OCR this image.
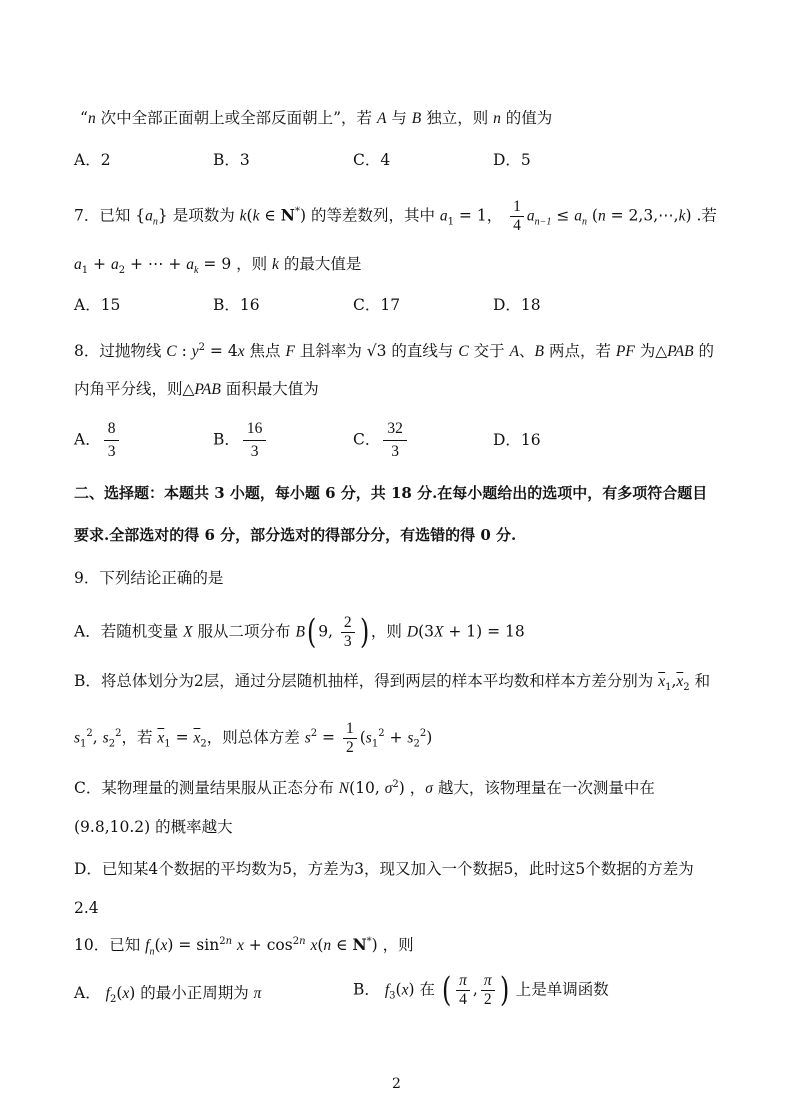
“n 次中全部正面朝上或全部反面朝上”，若 A 与 B 独立，则 n 的值为
A．2	B．3	C．4	D．5
7．已知 $\{a_n\}$ 是项数为 k(k ∈ N*) 的等差数列，其中 $a_1 = 1$， $\frac{1}{4} a_{n-1} \le a_n$ (n = 2,3,⋯,k) .若
$a_1 + a_2$ + ⋯ + $a_k = 9$ ，则 k 的最大值是
A．15	B．16	C．17	D．18
8．过抛物线 C : $y^2 = 4x$ 焦点 F 且斜率为 √3 的直线与 C 交于 A、B 两点，若 PF 为△PAB 的
内角平分线，则△PAB 面积最大值为
A． $\frac{8}{3}$	B． $\frac{16}{3}$	C． $\frac{32}{3}$	D．16
二、选择题：本题共 3 小题，每小题 6 分，共 18 分.在每小题给出的选项中，有多项符合题目
要求.全部选对的得 6 分，部分选对的得部分分，有选错的得 0 分.
9．下列结论正确的是
A．若随机变量 X 服从二项分布 B( 9, $\frac{2}{3}$ ) ，则 D(3X + 1) = 18
B．将总体划分为2层，通过分层随机抽样，得到两层的样本平均数和样本方差分别为 $\overline{x}_1,\overline{x}_2$ 和
$s_1^2$, $s_2^2$，若 $\overline{x}_1 = \overline{x}_2$，则总体方差 $s^2 = \frac{1}{2} (s_1^2 + s_2^2)$
C．某物理量的测量结果服从正态分布 N(10, $\sigma^2$) ，σ 越大，该物理量在一次测量中在
(9.8,10.2) 的概率越大
D．已知某4个数据的平均数为5，方差为3，现又加入一个数据5，此时这5个数据的方差为
2.4
10．已知 $f_n(x) = \sin^{2n} x + \cos^{2n} x(n$ ∈ N*) ，则
A． $f_2(x)$ 的最小正周期为 π	B． $f_3(x)$ 在 ( $\frac{\pi}{4}$ , $\frac{\pi}{2}$ ) 上是单调函数
2
